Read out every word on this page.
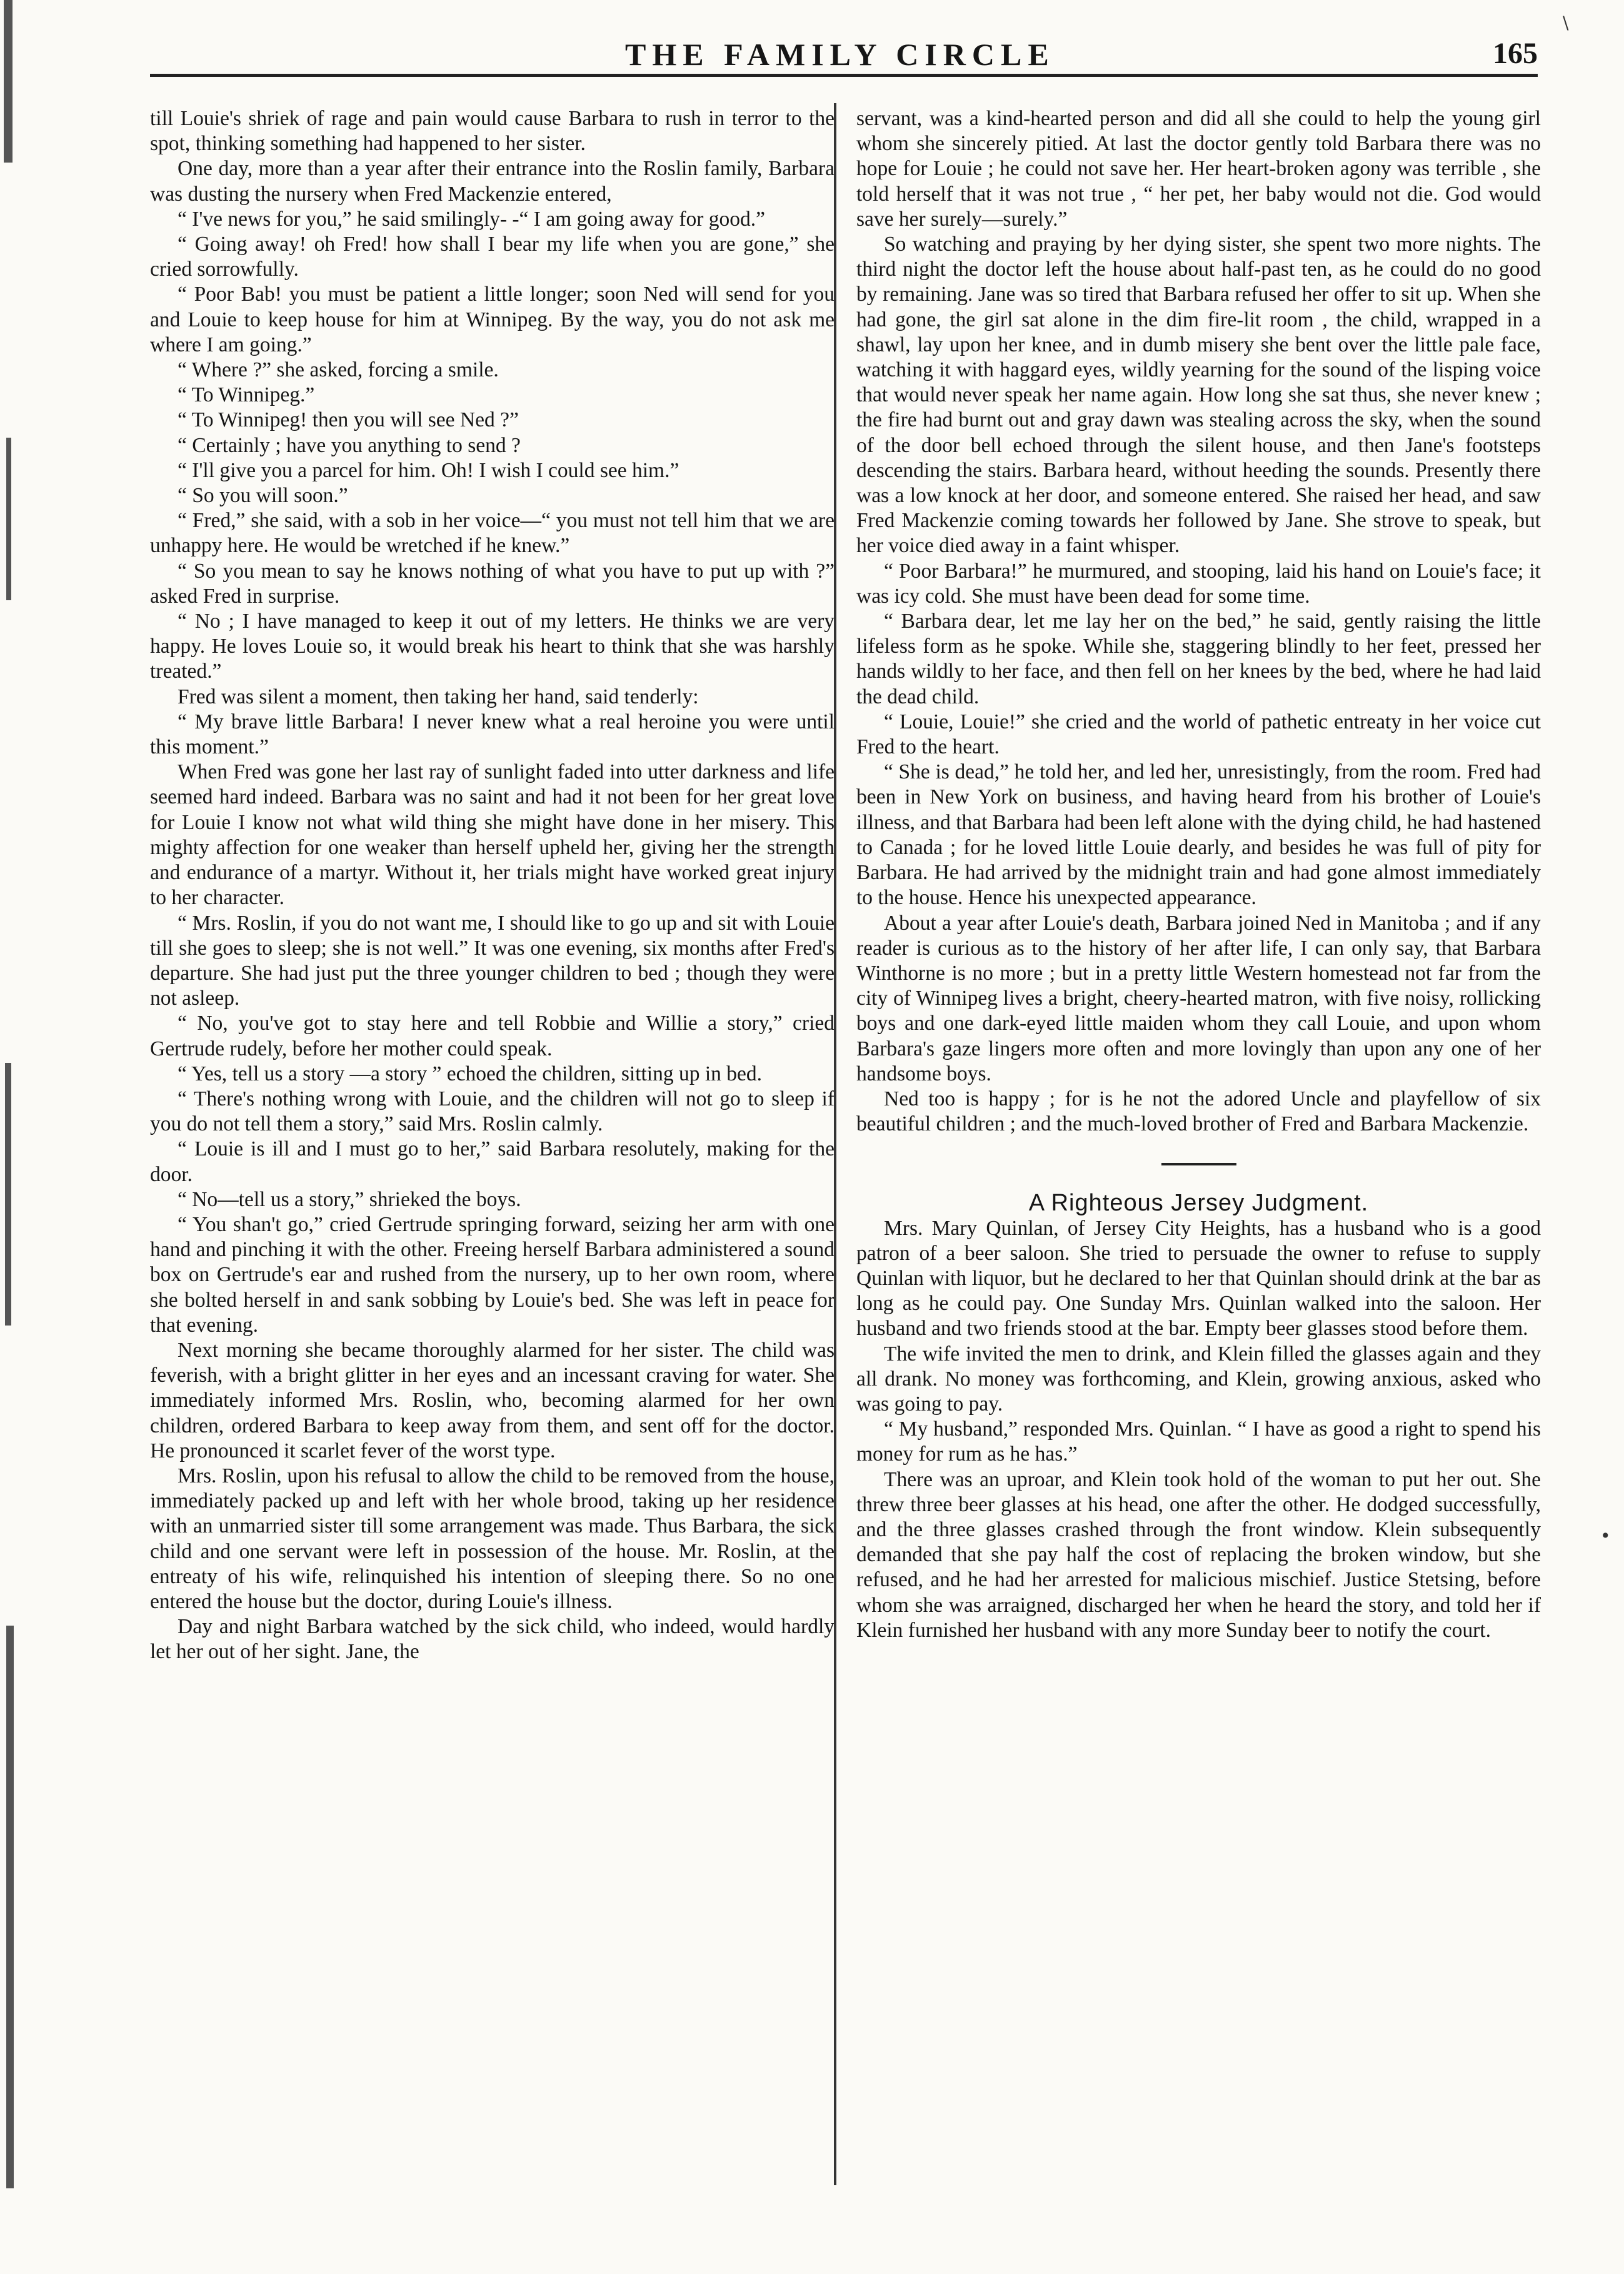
\
•
THE FAMILY CIRCLE	165

till Louie's shriek of rage and pain would cause Barbara to rush in terror to the spot, thinking something had happened to her sister.

One day, more than a year after their entrance into the Roslin family, Barbara was dusting the nursery when Fred Mackenzie entered,

“ I've news for you,” he said smilingly- -“ I am going away for good.”

“ Going away! oh Fred! how shall I bear my life when you are gone,” she cried sorrowfully.

“ Poor Bab! you must be patient a little longer; soon Ned will send for you and Louie to keep house for him at Winnipeg. By the way, you do not ask me where I am going.”

“ Where ?” she asked, forcing a smile.

“ To Winnipeg.”

“ To Winnipeg! then you will see Ned ?”

“ Certainly ; have you anything to send ?

“ I'll give you a parcel for him. Oh! I wish I could see him.”

“ So you will soon.”

“ Fred,” she said, with a sob in her voice—“ you must not tell him that we are unhappy here. He would be wretched if he knew.”

“ So you mean to say he knows nothing of what you have to put up with ?” asked Fred in surprise.

“ No ; I have managed to keep it out of my letters. He thinks we are very happy. He loves Louie so, it would break his heart to think that she was harshly treated.”

Fred was silent a moment, then taking her hand, said tenderly:

“ My brave little Barbara! I never knew what a real heroine you were until this moment.”

When Fred was gone her last ray of sunlight faded into utter darkness and life seemed hard indeed. Barbara was no saint and had it not been for her great love for Louie I know not what wild thing she might have done in her misery. This mighty affection for one weaker than herself upheld her, giving her the strength and endurance of a martyr. Without it, her trials might have worked great injury to her character.

“ Mrs. Roslin, if you do not want me, I should like to go up and sit with Louie till she goes to sleep; she is not well.” It was one evening, six months after Fred's departure. She had just put the three younger children to bed ; though they were not asleep.

“ No, you've got to stay here and tell Robbie and Willie a story,” cried Gertrude rudely, before her mother could speak.

“ Yes, tell us a story —a story ” echoed the children, sitting up in bed.

“ There's nothing wrong with Louie, and the children will not go to sleep if you do not tell them a story,” said Mrs. Roslin calmly.

“ Louie is ill and I must go to her,” said Barbara resolutely, making for the door.

“ No—tell us a story,” shrieked the boys.

“ You shan't go,” cried Gertrude springing forward, seizing her arm with one hand and pinching it with the other. Freeing herself Barbara administered a sound box on Gertrude's ear and rushed from the nursery, up to her own room, where she bolted herself in and sank sobbing by Louie's bed. She was left in peace for that evening.

Next morning she became thoroughly alarmed for her sister. The child was feverish, with a bright glitter in her eyes and an incessant craving for water. She immediately informed Mrs. Roslin, who, becoming alarmed for her own children, ordered Barbara to keep away from them, and sent off for the doctor. He pronounced it scarlet fever of the worst type.

Mrs. Roslin, upon his refusal to allow the child to be removed from the house, immediately packed up and left with her whole brood, taking up her residence with an unmarried sister till some arrangement was made. Thus Barbara, the sick child and one servant were left in possession of the house. Mr. Roslin, at the entreaty of his wife, relinquished his intention of sleeping there. So no one entered the house but the doctor, during Louie's illness.

Day and night Barbara watched by the sick child, who indeed, would hardly let her out of her sight. Jane, the

servant, was a kind-hearted person and did all she could to help the young girl whom she sincerely pitied. At last the doctor gently told Barbara there was no hope for Louie ; he could not save her. Her heart-broken agony was terrible , she told herself that it was not true , “ her pet, her baby would not die. God would save her surely—surely.”

So watching and praying by her dying sister, she spent two more nights. The third night the doctor left the house about half-past ten, as he could do no good by remaining. Jane was so tired that Barbara refused her offer to sit up. When she had gone, the girl sat alone in the dim fire-lit room , the child, wrapped in a shawl, lay upon her knee, and in dumb misery she bent over the little pale face, watching it with haggard eyes, wildly yearning for the sound of the lisping voice that would never speak her name again. How long she sat thus, she never knew ; the fire had burnt out and gray dawn was stealing across the sky, when the sound of the door bell echoed through the silent house, and then Jane's footsteps descending the stairs. Barbara heard, without heeding the sounds. Presently there was a low knock at her door, and someone entered. She raised her head, and saw Fred Mackenzie coming towards her followed by Jane. She strove to speak, but her voice died away in a faint whisper.

“ Poor Barbara!” he murmured, and stooping, laid his hand on Louie's face; it was icy cold. She must have been dead for some time.

“ Barbara dear, let me lay her on the bed,” he said, gently raising the little lifeless form as he spoke. While she, staggering blindly to her feet, pressed her hands wildly to her face, and then fell on her knees by the bed, where he had laid the dead child.

“ Louie, Louie!” she cried and the world of pathetic entreaty in her voice cut Fred to the heart.

“ She is dead,” he told her, and led her, unresistingly, from the room. Fred had been in New York on business, and having heard from his brother of Louie's illness, and that Barbara had been left alone with the dying child, he had hastened to Canada ; for he loved little Louie dearly, and besides he was full of pity for Barbara. He had arrived by the midnight train and had gone almost immediately to the house. Hence his unexpected appearance.

About a year after Louie's death, Barbara joined Ned in Manitoba ; and if any reader is curious as to the history of her after life, I can only say, that Barbara Winthorne is no more ; but in a pretty little Western homestead not far from the city of Winnipeg lives a bright, cheery-hearted matron, with five noisy, rollicking boys and one dark-eyed little maiden whom they call Louie, and upon whom Barbara's gaze lingers more often and more lovingly than upon any one of her handsome boys.

Ned too is happy ; for is he not the adored Uncle and playfellow of six beautiful children ; and the much-loved brother of Fred and Barbara Mackenzie.

A Righteous Jersey Judgment.

Mrs. Mary Quinlan, of Jersey City Heights, has a husband who is a good patron of a beer saloon. She tried to persuade the owner to refuse to supply Quinlan with liquor, but he declared to her that Quinlan should drink at the bar as long as he could pay. One Sunday Mrs. Quinlan walked into the saloon. Her husband and two friends stood at the bar. Empty beer glasses stood before them.

The wife invited the men to drink, and Klein filled the glasses again and they all drank. No money was forthcoming, and Klein, growing anxious, asked who was going to pay.

“ My husband,” responded Mrs. Quinlan. “ I have as good a right to spend his money for rum as he has.”

There was an uproar, and Klein took hold of the woman to put her out. She threw three beer glasses at his head, one after the other. He dodged successfully, and the three glasses crashed through the front window. Klein subsequently demanded that she pay half the cost of replacing the broken window, but she refused, and he had her arrested for malicious mischief. Justice Stetsing, before whom she was arraigned, discharged her when he heard the story, and told her if Klein furnished her husband with any more Sunday beer to notify the court.
